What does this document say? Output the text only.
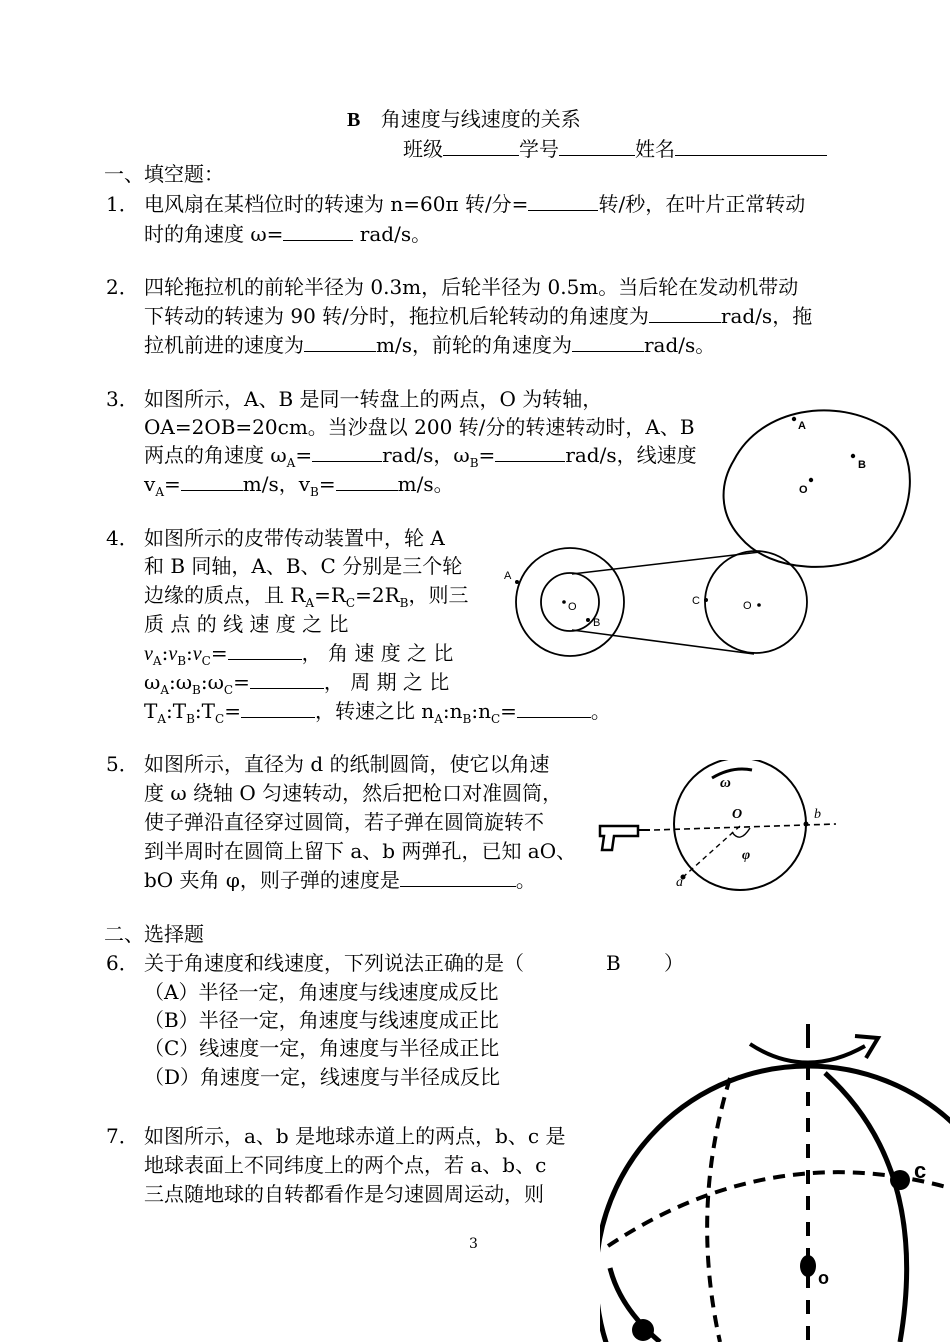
B 角速度与线速度的关系
班级	学号	姓名
一、填空题：
1． 电风扇在某档位时的转速为 n=60π 转/分=	转/秒，在叶片正常转动
时的角速度 ω=	rad/s。
2． 四轮拖拉机的前轮半径为 0.3m，后轮半径为 0.5m。当后轮在发动机带动
下转动的转速为 90 转/分时，拖拉机后轮转动的角速度为	rad/s，拖
拉机前进的速度为	m/s，前轮的角速度为	rad/s。
3． 如图所示，A、B 是同一转盘上的两点，O 为转轴，
OA=2OB=20cm。当沙盘以 200 转/分的转速转动时，A、B
两点的角速度 $\omega_A=$	rad/s，$\omega_B=$	rad/s，线速度
$v_A=$	m/s，$v_B=$	m/s。
A
B
O
4． 如图所示的皮带传动装置中，轮 A
和 B 同轴，A、B、C 分别是三个轮
边缘的质点，且 $R_A=R_C=2R_B$，则三
质 点 的 线 速 度 之 比
$v_A:v_B:v_C=$	， 角 速 度 之 比
$\omega_A:\omega_B:\omega_C=$	， 周 期 之 比
$T_A:T_B:T_C=$	，转速之比 $n_A:n_B:n_C=$	。
A
B
C
O	O
5． 如图所示，直径为 d 的纸制圆筒，使它以角速
度 ω 绕轴 O 匀速转动，然后把枪口对准圆筒，
使子弹沿直径穿过圆筒，若子弹在圆筒旋转不
到半周时在圆筒上留下 a、b 两弹孔，已知 aO、
bO 夹角 φ，则子弹的速度是	。
ω
O
φ
b
a
二、选择题
6． 关于角速度和线速度，下列说法正确的是（	B ）
（A）半径一定，角速度与线速度成反比
（B）半径一定，角速度与线速度成正比
（C）线速度一定，角速度与半径成正比
（D）角速度一定，线速度与半径成反比
7． 如图所示，a、b 是地球赤道上的两点，b、c 是
地球表面上不同纬度上的两个点，若 a、b、c
三点随地球的自转都看作是匀速圆周运动，则
c
o
3
